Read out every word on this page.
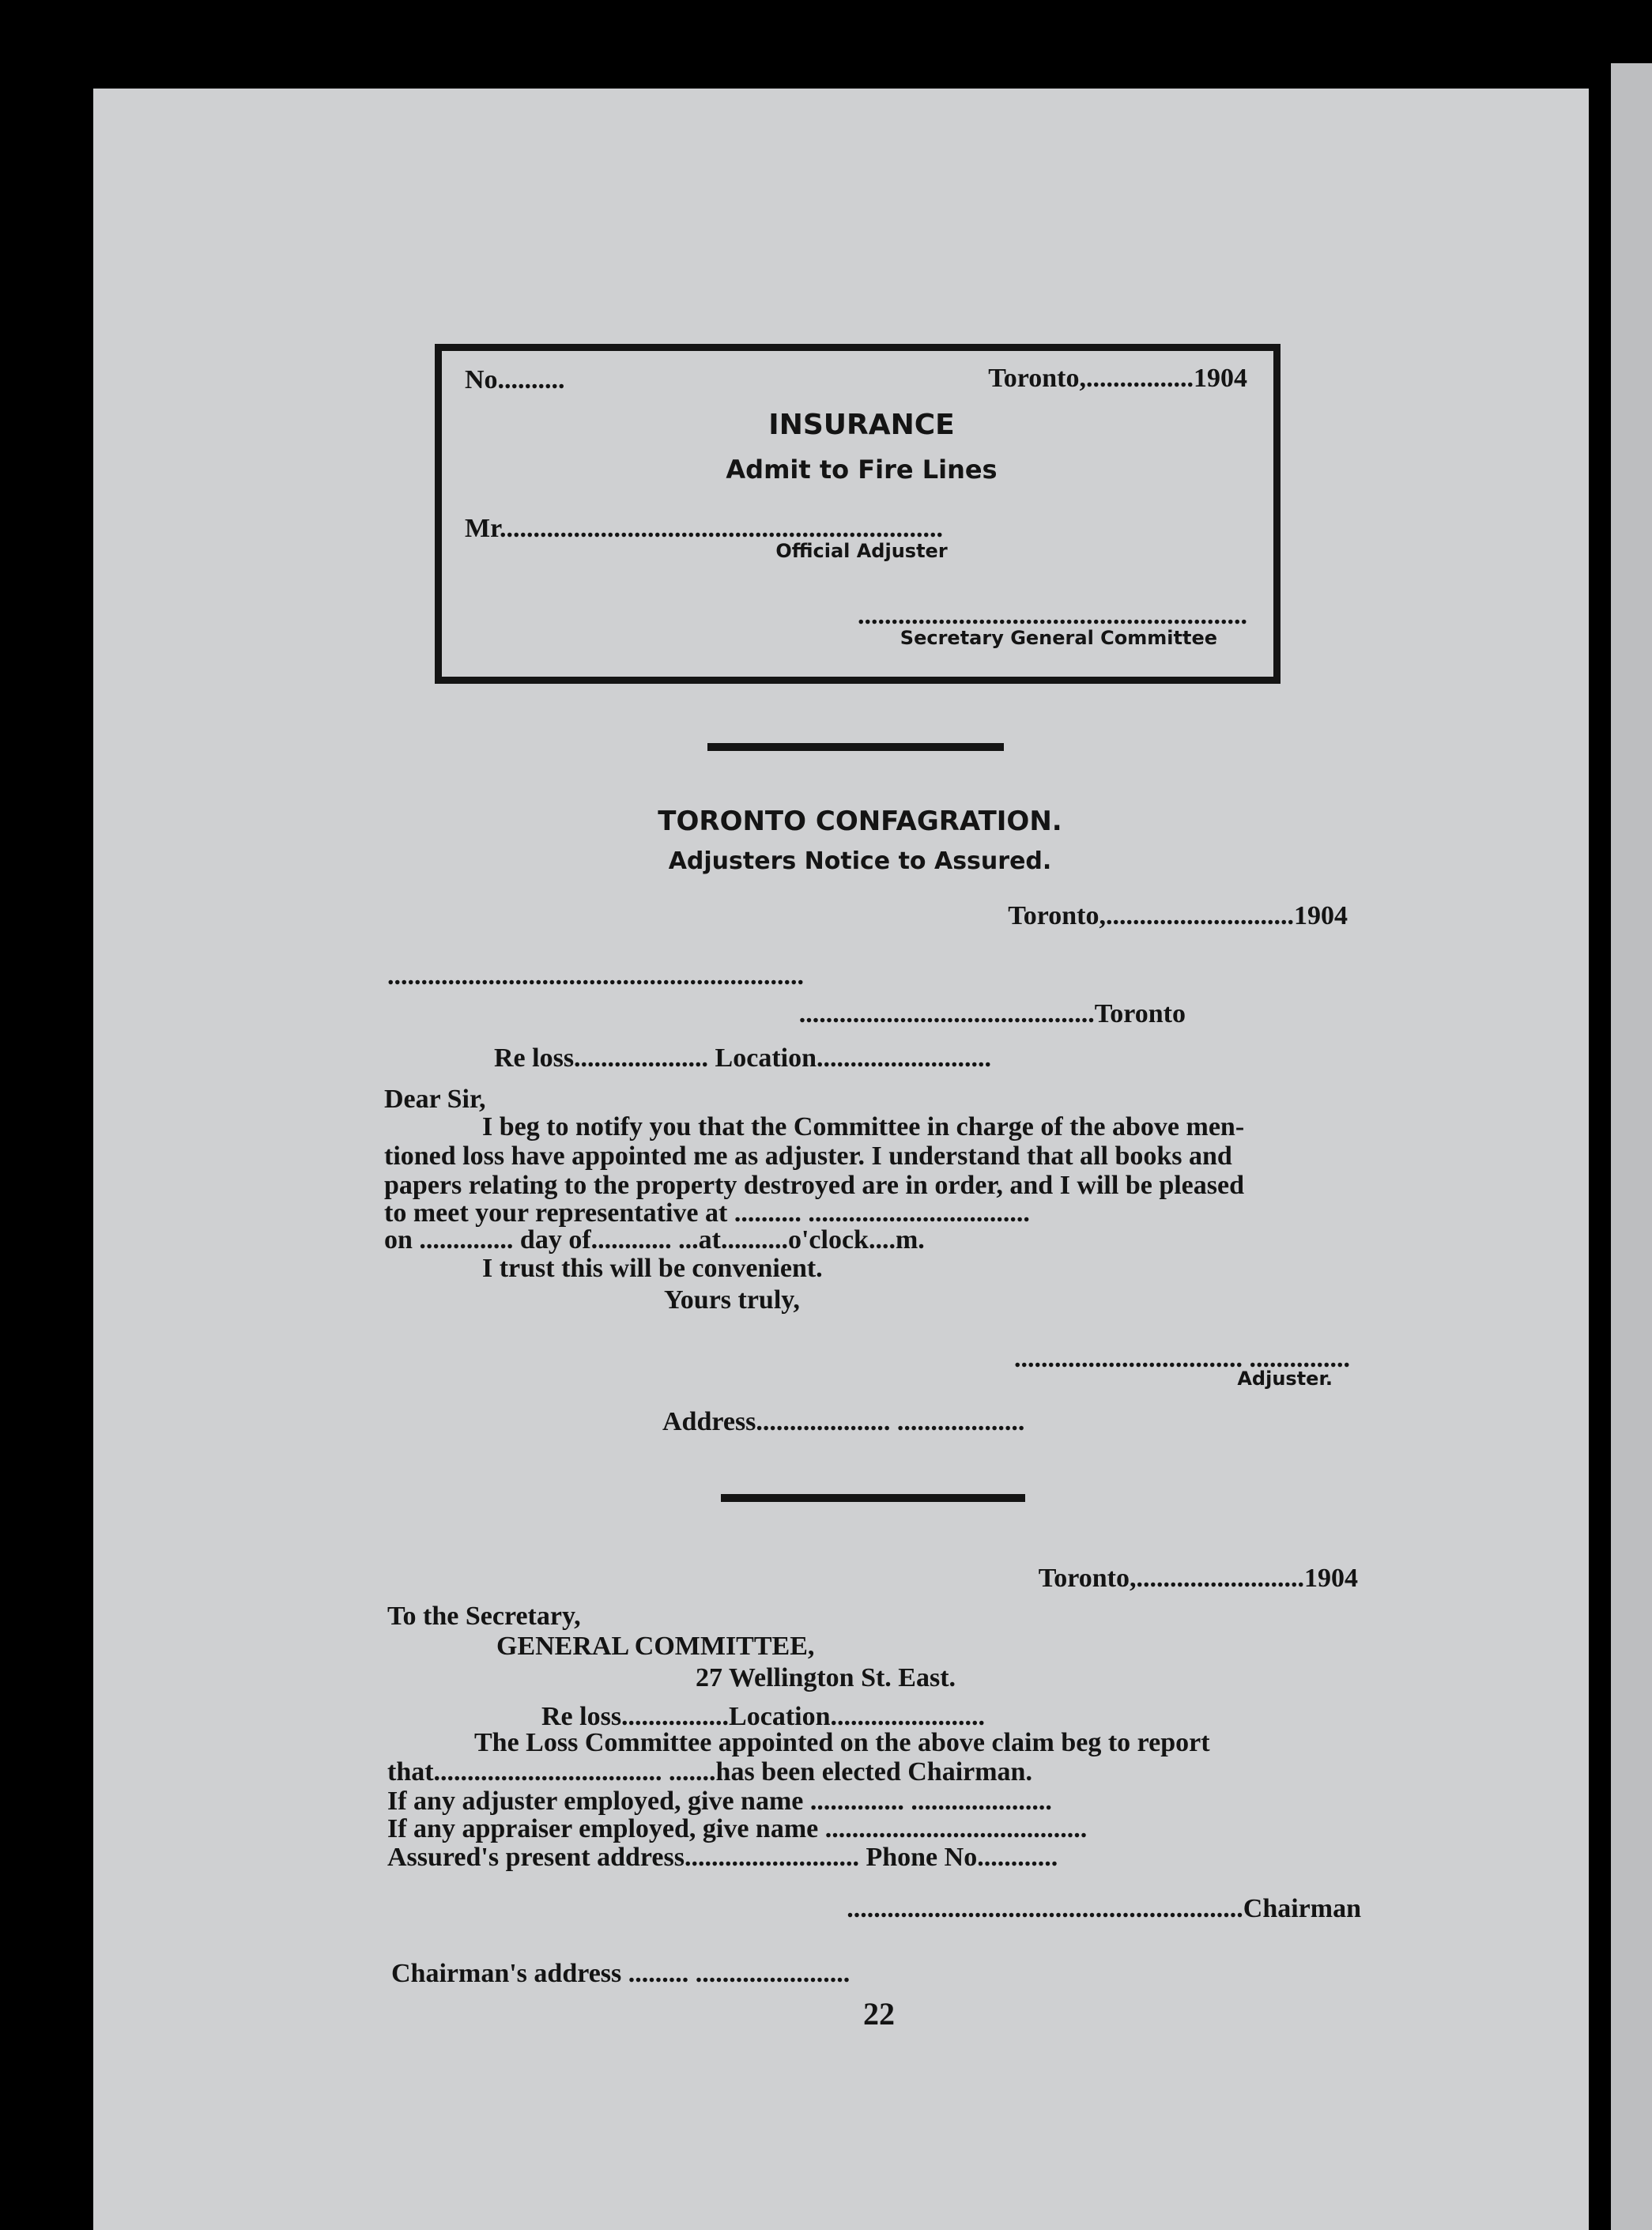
No..........	Toronto,................1904
INSURANCE
Admit to Fire Lines
Mr..................................................................
Official Adjuster
..........................................................
Secretary General Committee
TORONTO CONFAGRATION.
Adjusters Notice to Assured.
Toronto,............................1904
..............................................................
............................................Toronto
Re loss.................... Location..........................
Dear Sir,
I beg to notify you that the Committee in charge of the above men-
tioned loss have appointed me as adjuster. I understand that all books and
papers relating to the property destroyed are in order, and I will be pleased
to meet your representative at .......... .................................
on .............. day of............ ...at..........o'clock....m.
I trust this will be convenient.
Yours truly,
.................................. ...............
Adjuster.
Address.................... ...................
Toronto,.........................1904
To the Secretary,
GENERAL COMMITTEE,
27 Wellington St. East.
Re loss................Location.......................
The Loss Committee appointed on the above claim beg to report
that.................................. .......has been elected Chairman.
If any adjuster employed, give name .............. .....................
If any appraiser employed, give name .......................................
Assured's present address.......................... Phone No............
...........................................................Chairman
Chairman's address ......... .......................
22
